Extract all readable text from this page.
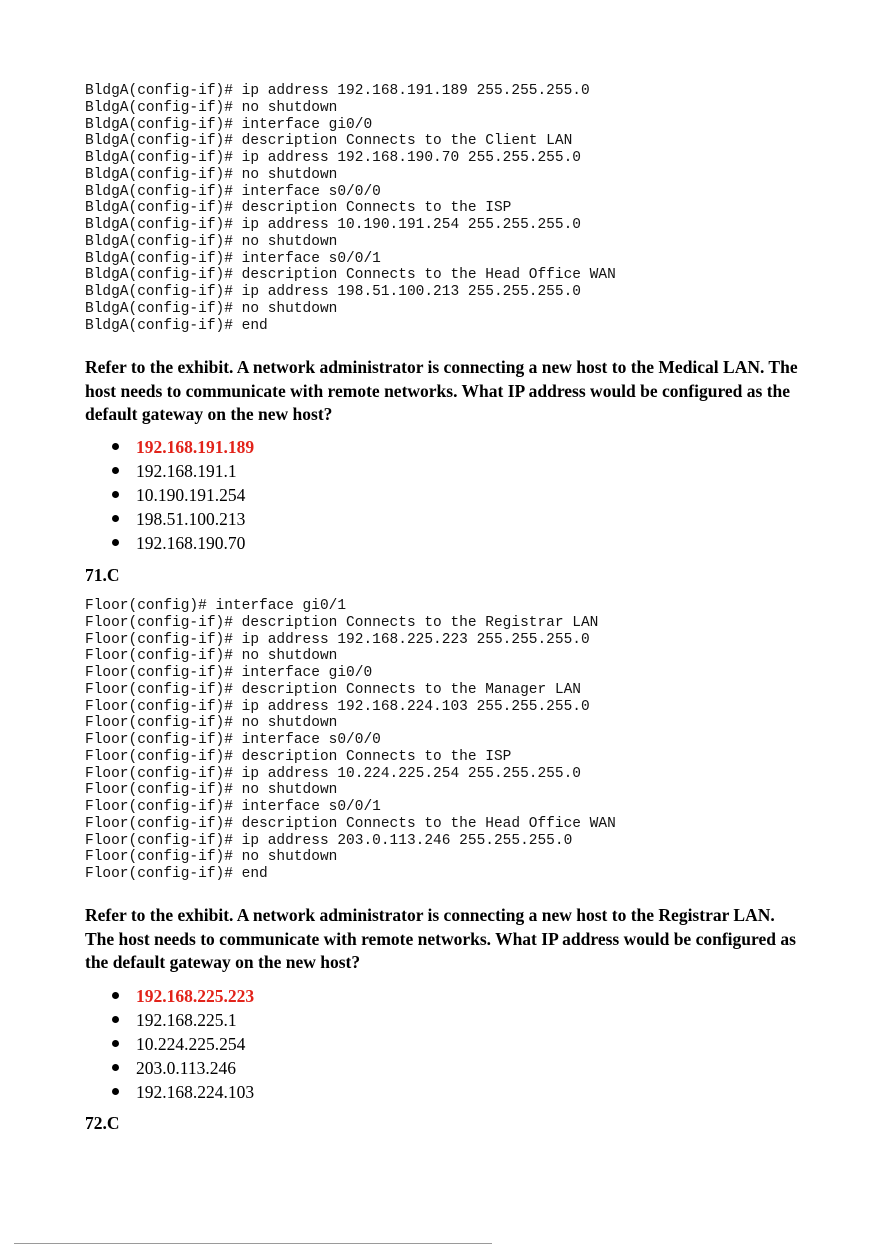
BldgA(config-if)# ip address 192.168.191.189 255.255.255.0
BldgA(config-if)# no shutdown
BldgA(config-if)# interface gi0/0
BldgA(config-if)# description Connects to the Client LAN
BldgA(config-if)# ip address 192.168.190.70 255.255.255.0
BldgA(config-if)# no shutdown
BldgA(config-if)# interface s0/0/0
BldgA(config-if)# description Connects to the ISP
BldgA(config-if)# ip address 10.190.191.254 255.255.255.0
BldgA(config-if)# no shutdown
BldgA(config-if)# interface s0/0/1
BldgA(config-if)# description Connects to the Head Office WAN
BldgA(config-if)# ip address 198.51.100.213 255.255.255.0
BldgA(config-if)# no shutdown
BldgA(config-if)# end

Refer to the exhibit. A network administrator is connecting a new host to the Medical LAN. The host needs to communicate with remote networks. What IP address would be configured as the default gateway on the new host?

192.168.191.189
192.168.191.1
10.190.191.254
198.51.100.213
192.168.190.70

71.C

Floor(config)# interface gi0/1
Floor(config-if)# description Connects to the Registrar LAN
Floor(config-if)# ip address 192.168.225.223 255.255.255.0
Floor(config-if)# no shutdown
Floor(config-if)# interface gi0/0
Floor(config-if)# description Connects to the Manager LAN
Floor(config-if)# ip address 192.168.224.103 255.255.255.0
Floor(config-if)# no shutdown
Floor(config-if)# interface s0/0/0
Floor(config-if)# description Connects to the ISP
Floor(config-if)# ip address 10.224.225.254 255.255.255.0
Floor(config-if)# no shutdown
Floor(config-if)# interface s0/0/1
Floor(config-if)# description Connects to the Head Office WAN
Floor(config-if)# ip address 203.0.113.246 255.255.255.0
Floor(config-if)# no shutdown
Floor(config-if)# end

Refer to the exhibit. A network administrator is connecting a new host to the Registrar LAN. The host needs to communicate with remote networks. What IP address would be configured as the default gateway on the new host?

192.168.225.223
192.168.225.1
10.224.225.254
203.0.113.246
192.168.224.103

72.C
